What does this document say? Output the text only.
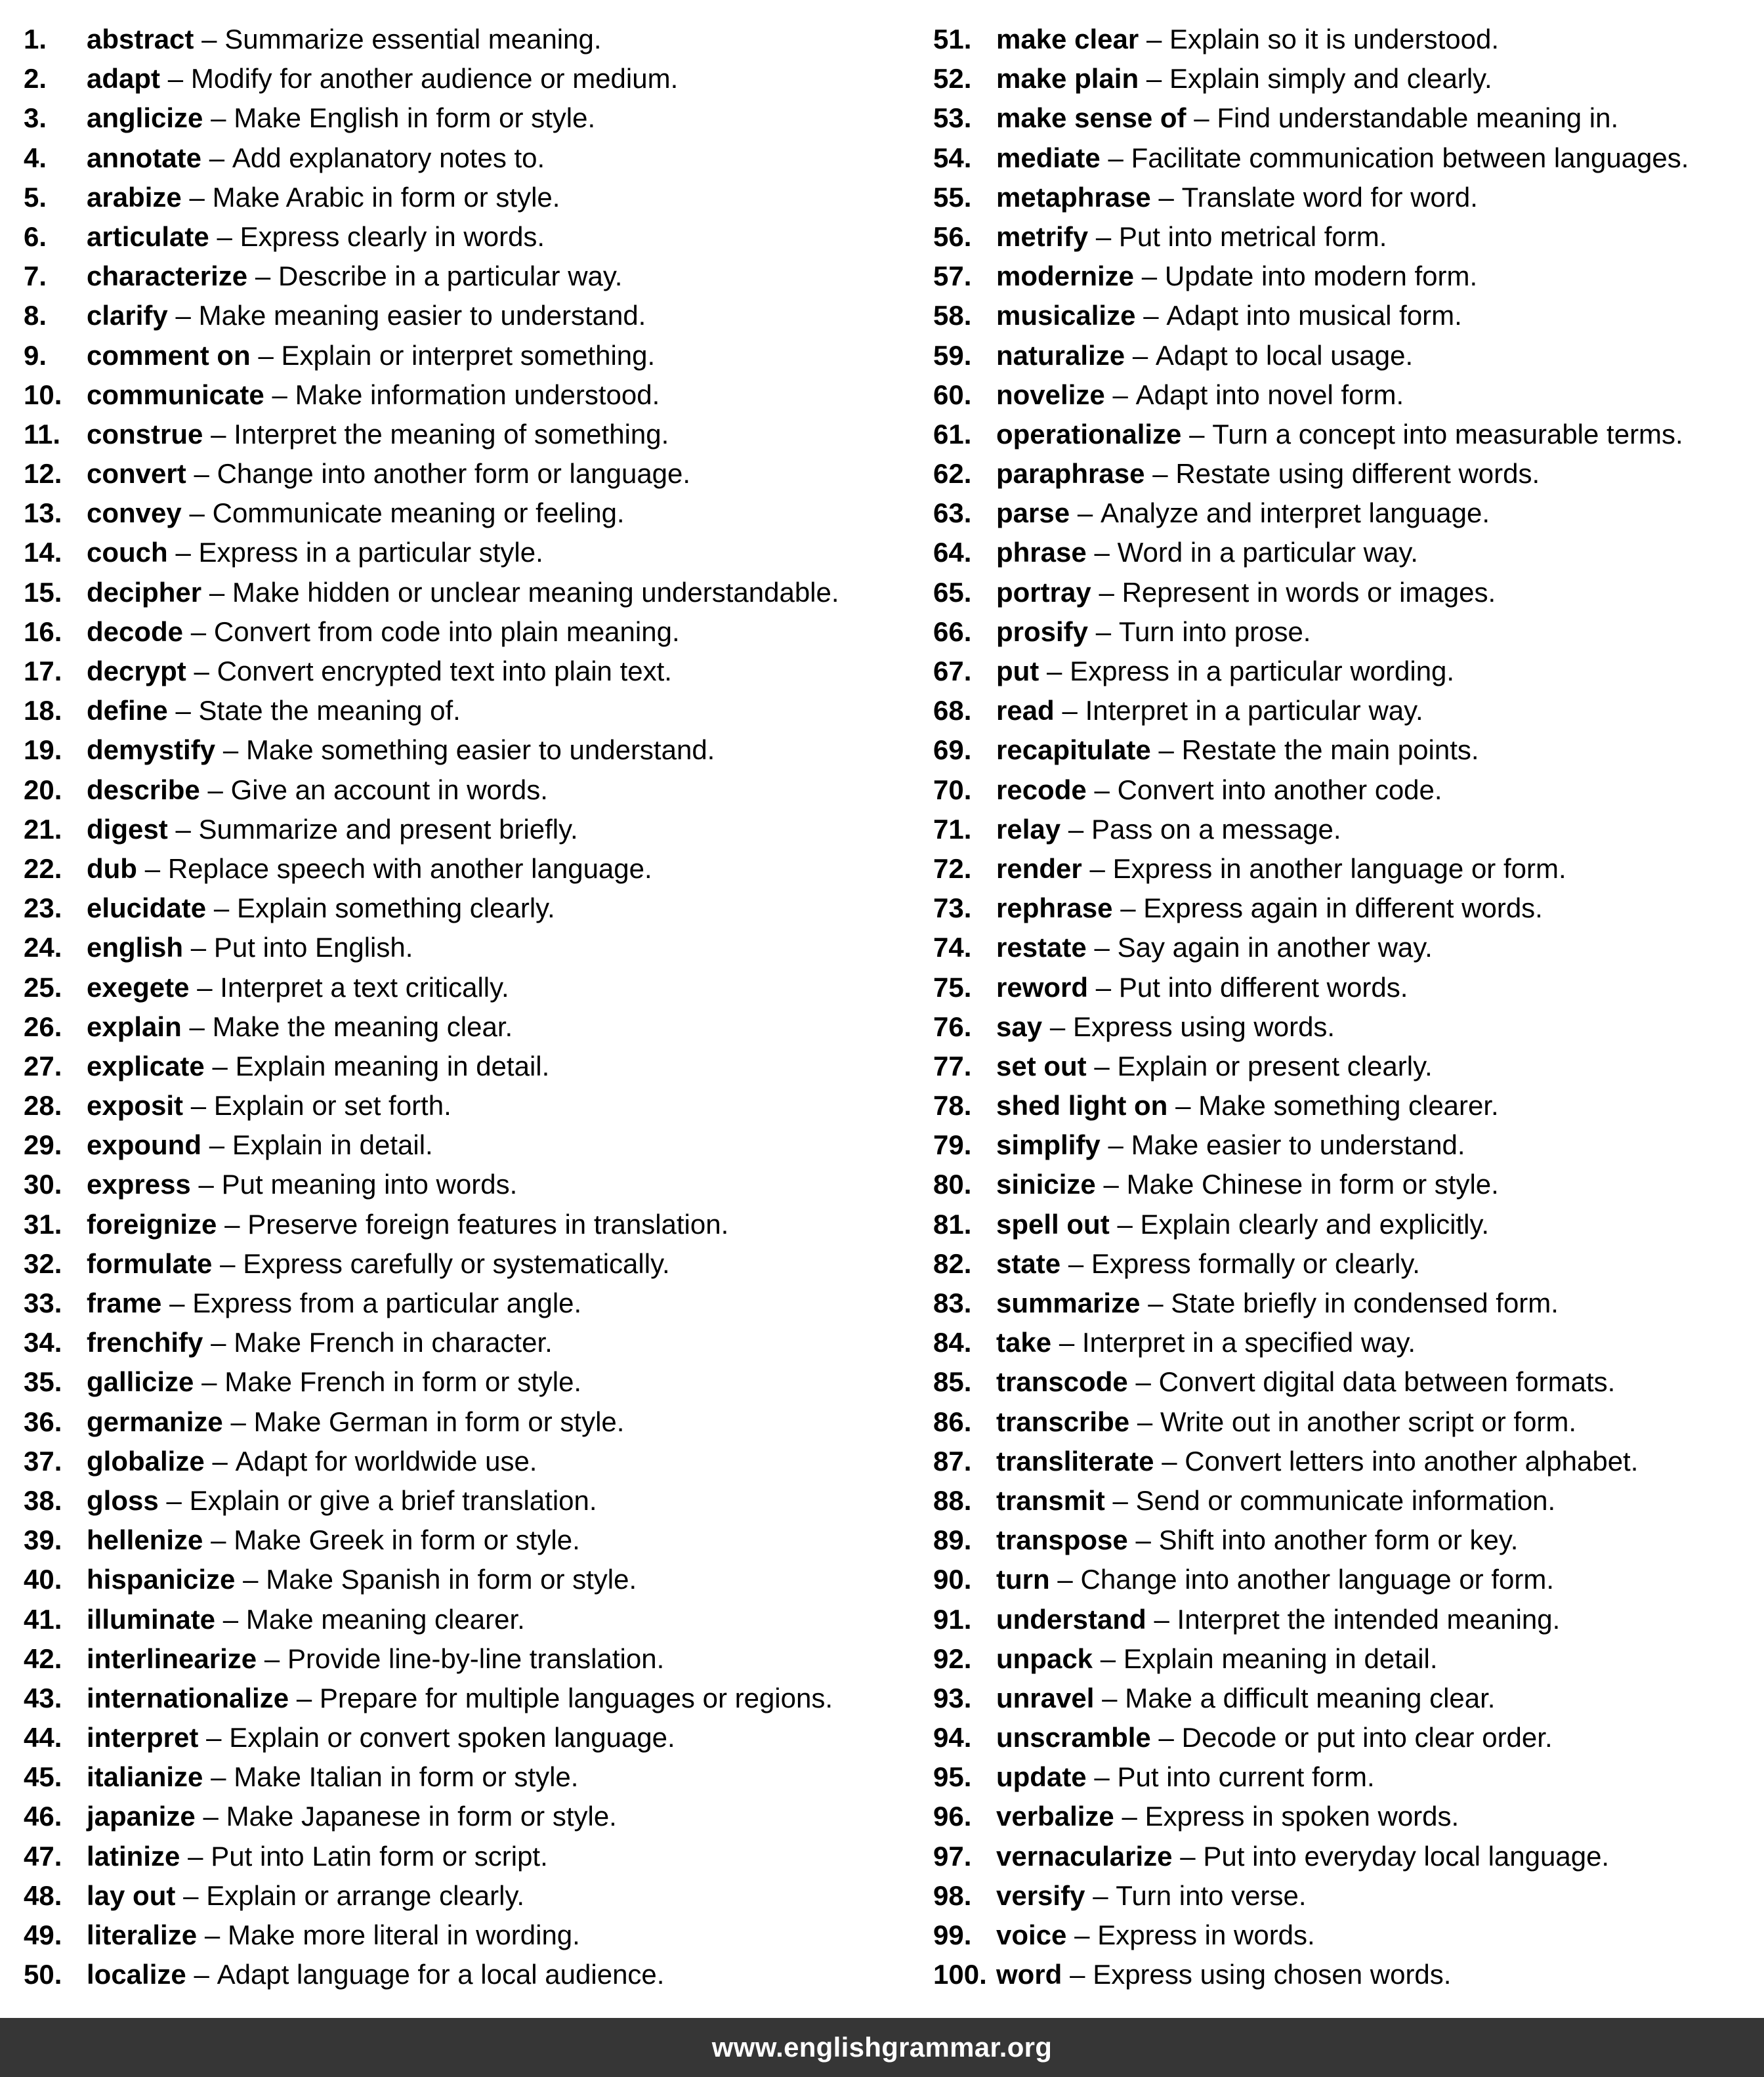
1.	abstract – Summarize essential meaning.
2.	adapt – Modify for another audience or medium.
3.	anglicize – Make English in form or style.
4.	annotate – Add explanatory notes to.
5.	arabize – Make Arabic in form or style.
6.	articulate – Express clearly in words.
7.	characterize – Describe in a particular way.
8.	clarify – Make meaning easier to understand.
9.	comment on – Explain or interpret something.
10. communicate – Make information understood.
11. construe – Interpret the meaning of something.
12. convert – Change into another form or language.
13. convey – Communicate meaning or feeling.
14. couch – Express in a particular style.
15. decipher – Make hidden or unclear meaning understandable.
16. decode – Convert from code into plain meaning.
17. decrypt – Convert encrypted text into plain text.
18. define – State the meaning of.
19. demystify – Make something easier to understand.
20. describe – Give an account in words.
21. digest – Summarize and present briefly.
22. dub – Replace speech with another language.
23. elucidate – Explain something clearly.
24. english – Put into English.
25. exegete – Interpret a text critically.
26. explain – Make the meaning clear.
27. explicate – Explain meaning in detail.
28. exposit – Explain or set forth.
29. expound – Explain in detail.
30. express – Put meaning into words.
31. foreignize – Preserve foreign features in translation.
32. formulate – Express carefully or systematically.
33. frame – Express from a particular angle.
34. frenchify – Make French in character.
35. gallicize – Make French in form or style.
36. germanize – Make German in form or style.
37. globalize – Adapt for worldwide use.
38. gloss – Explain or give a brief translation.
39. hellenize – Make Greek in form or style.
40. hispanicize – Make Spanish in form or style.
41. illuminate – Make meaning clearer.
42. interlinearize – Provide line-by-line translation.
43. internationalize – Prepare for multiple languages or regions.
44. interpret – Explain or convert spoken language.
45. italianize – Make Italian in form or style.
46. japanize – Make Japanese in form or style.
47. latinize – Put into Latin form or script.
48. lay out – Explain or arrange clearly.
49. literalize – Make more literal in wording.
50. localize – Adapt language for a local audience.
51. make clear – Explain so it is understood.
52. make plain – Explain simply and clearly.
53. make sense of – Find understandable meaning in.
54. mediate – Facilitate communication between languages.
55. metaphrase – Translate word for word.
56. metrify – Put into metrical form.
57. modernize – Update into modern form.
58. musicalize – Adapt into musical form.
59. naturalize – Adapt to local usage.
60. novelize – Adapt into novel form.
61. operationalize – Turn a concept into measurable terms.
62. paraphrase – Restate using different words.
63. parse – Analyze and interpret language.
64. phrase – Word in a particular way.
65. portray – Represent in words or images.
66. prosify – Turn into prose.
67. put – Express in a particular wording.
68. read – Interpret in a particular way.
69. recapitulate – Restate the main points.
70. recode – Convert into another code.
71. relay – Pass on a message.
72. render – Express in another language or form.
73. rephrase – Express again in different words.
74. restate – Say again in another way.
75. reword – Put into different words.
76. say – Express using words.
77. set out – Explain or present clearly.
78. shed light on – Make something clearer.
79. simplify – Make easier to understand.
80. sinicize – Make Chinese in form or style.
81. spell out – Explain clearly and explicitly.
82. state – Express formally or clearly.
83. summarize – State briefly in condensed form.
84. take – Interpret in a specified way.
85. transcode – Convert digital data between formats.
86. transcribe – Write out in another script or form.
87. transliterate – Convert letters into another alphabet.
88. transmit – Send or communicate information.
89. transpose – Shift into another form or key.
90. turn – Change into another language or form.
91. understand – Interpret the intended meaning.
92. unpack – Explain meaning in detail.
93. unravel – Make a difficult meaning clear.
94. unscramble – Decode or put into clear order.
95. update – Put into current form.
96. verbalize – Express in spoken words.
97. vernacularize – Put into everyday local language.
98. versify – Turn into verse.
99. voice – Express in words.
100. word – Express using chosen words.
www.englishgrammar.org
